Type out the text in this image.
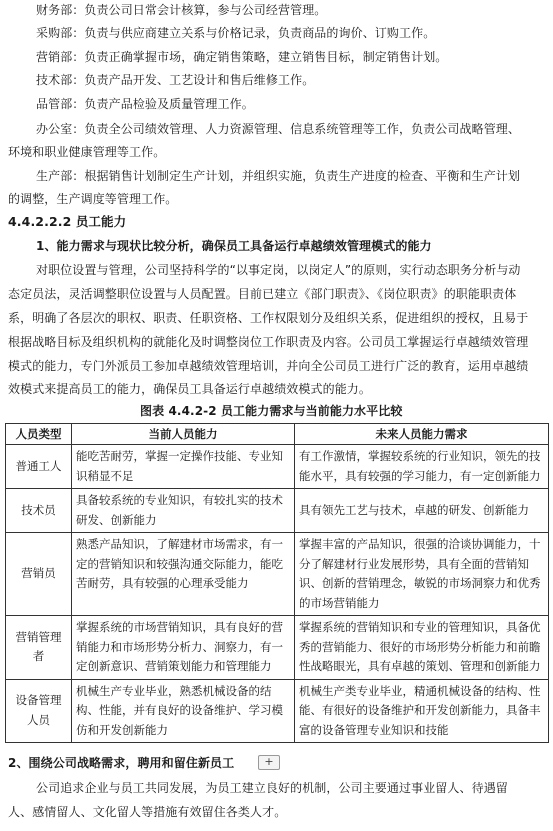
财务部：负责公司日常会计核算，参与公司经营管理。
采购部：负责与供应商建立关系与价格记录，负责商品的询价、订购工作。
营销部：负责正确掌握市场，确定销售策略，建立销售目标，制定销售计划。
技术部：负责产品开发、工艺设计和售后维修工作。
品管部：负责产品检验及质量管理工作。
办公室：负责全公司绩效管理、人力资源管理、信息系统管理等工作，负责公司战略管理、
环境和职业健康管理等工作。
生产部：根据销售计划制定生产计划，并组织实施，负责生产进度的检查、平衡和生产计划
的调整，生产调度等管理工作。
4.4.2.2.2 员工能力
1、能力需求与现状比较分析，确保员工具备运行卓越绩效管理模式的能力
对职位设置与管理，公司坚持科学的“以事定岗，以岗定人”的原则，实行动态职务分析与动
态定员法，灵活调整职位设置与人员配置。目前已建立《部门职责》、《岗位职责》的职能职责体
系，明确了各层次的职权、职责、任职资格、工作权限划分及组织关系，促进组织的授权，且易于
根据战略目标及组织机构的就能化及时调整岗位工作职责及内容。公司员工掌握运行卓越绩效管理
模式的能力，专门外派员工参加卓越绩效管理培训，并向全公司员工进行广泛的教育，运用卓越绩
效模式来提高员工的能力，确保员工具备运行卓越绩效模式的能力。
图表 4.4.2-2 员工能力需求与当前能力水平比较
人员类型	当前人员能力	未来人员能力需求
普通工人	能吃苦耐劳，掌握一定操作技能、专业知识稍显不足	有工作激情，掌握较系统的行业知识，领先的技能水平，具有较强的学习能力，有一定创新能力
技术员	具备较系统的专业知识，有较扎实的技术研发、创新能力	具有领先工艺与技术，卓越的研发、创新能力
营销员	熟悉产品知识，了解建材市场需求，有一定的营销知识和较强沟通交际能力，能吃苦耐劳，具有较强的心理承受能力	掌握丰富的产品知识，很强的洽谈协调能力，十分了解建材行业发展形势，具有全面的营销知识、创新的营销理念，敏锐的市场洞察力和优秀的市场营销能力
营销管理者	掌握系统的市场营销知识，具有良好的营销能力和市场形势分析力、洞察力，有一定创新意识、营销策划能力和管理能力	掌握系统的营销知识和专业的管理知识，具备优秀的营销能力、很好的市场形势分析能力和前瞻性战略眼光，具有卓越的策划、管理和创新能力
设备管理人员	机械生产专业毕业，熟悉机械设备的结构、性能，并有良好的设备维护、学习模仿和开发创新能力	机械生产类专业毕业，精通机械设备的结构、性能、有很好的设备维护和开发创新能力，具备丰富的设备管理专业知识和技能
2、围绕公司战略需求，聘用和留住新员工	+
公司追求企业与员工共同发展，为员工建立良好的机制，公司主要通过事业留人、待遇留
人、感情留人、文化留人等措施有效留住各类人才。
